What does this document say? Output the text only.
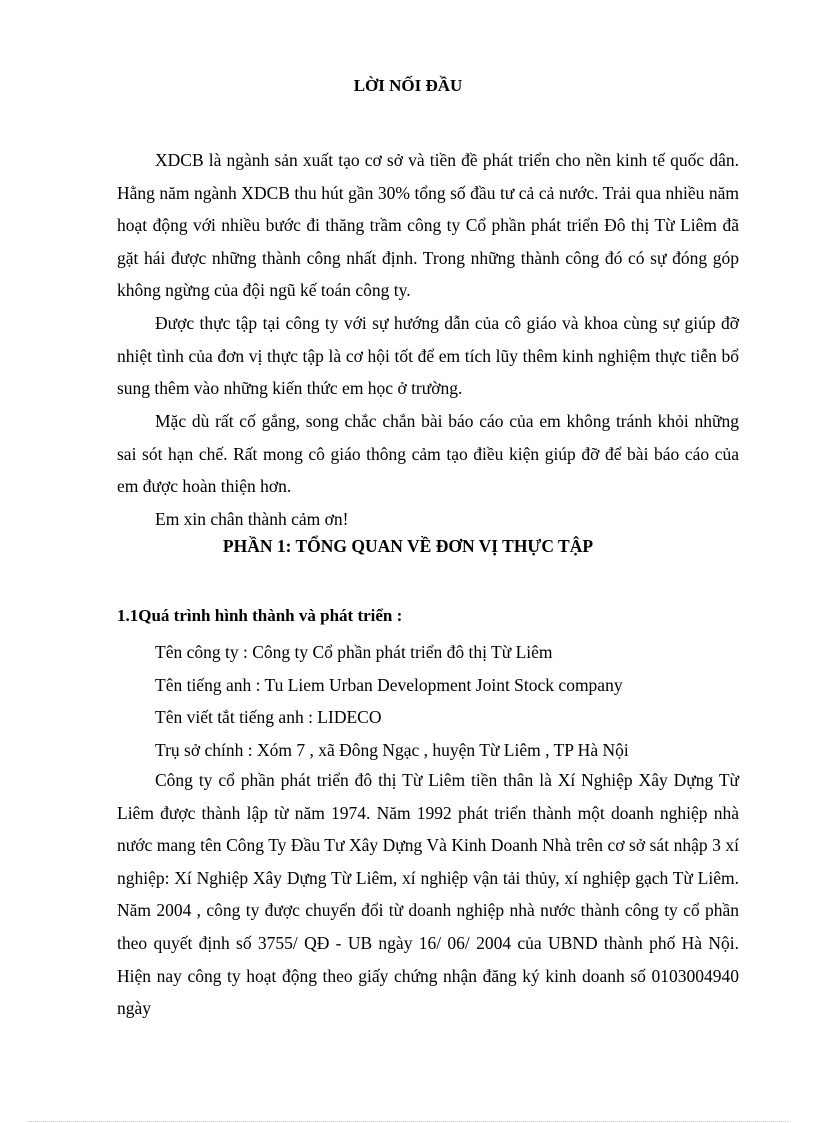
LỜI NỐI ĐẦU

XDCB là ngành sản xuất tạo cơ sở và tiền đề phát triển cho nền kinh tế quốc dân. Hằng năm ngành XDCB thu hút gần 30% tổng số đầu tư cả cả nước. Trải qua nhiều năm hoạt động với nhiều bước đi thăng trầm công ty Cổ phần phát triển Đô thị Từ Liêm đã gặt hái được những thành công nhất định. Trong những thành công đó có sự đóng góp không ngừng của đội ngũ kế toán công ty.

Được thực tập tại công ty với sự hướng dẫn của cô giáo và khoa cùng sự giúp đỡ nhiệt tình của đơn vị thực tập là cơ hội tốt để em tích lũy thêm kinh nghiệm thực tiễn bổ sung thêm vào những kiến thức em học ở trường.

Mặc dù rất cố gắng, song chắc chắn bài báo cáo của em không tránh khỏi những sai sót hạn chế. Rất mong cô giáo thông cảm tạo điều kiện giúp đỡ để bài báo cáo của em được hoàn thiện hơn.

Em xin chân thành cảm ơn!

PHẦN 1: TỔNG QUAN VỀ ĐƠN VỊ THỰC TẬP
1.1Quá trình hình thành và phát triển :
Tên công ty : Công ty Cổ phần phát triển đô thị Từ Liêm
Tên tiếng anh : Tu Liem Urban Development Joint Stock company
Tên viết tắt tiếng anh : LIDECO
Trụ sở chính : Xóm 7 , xã Đông Ngạc , huyện Từ Liêm , TP Hà Nội

Công ty cổ phần phát triển đô thị Từ Liêm tiền thân là Xí Nghiệp Xây Dựng Từ Liêm được thành lập từ năm 1974. Năm 1992 phát triển thành một doanh nghiệp nhà nước mang tên Công Ty Đầu Tư Xây Dựng Và Kinh Doanh Nhà trên cơ sở sát nhập 3 xí nghiệp: Xí Nghiệp Xây Dựng Từ Liêm, xí nghiệp vận tải thủy, xí nghiệp gạch Từ Liêm. Năm 2004 , công ty được chuyển đổi từ doanh nghiệp nhà nước thành công ty cổ phần theo quyết định số 3755/ QĐ - UB ngày 16/ 06/ 2004 của UBND thành phố Hà Nội. Hiện nay công ty hoạt động theo giấy chứng nhận đăng ký kinh doanh số 0103004940 ngày
